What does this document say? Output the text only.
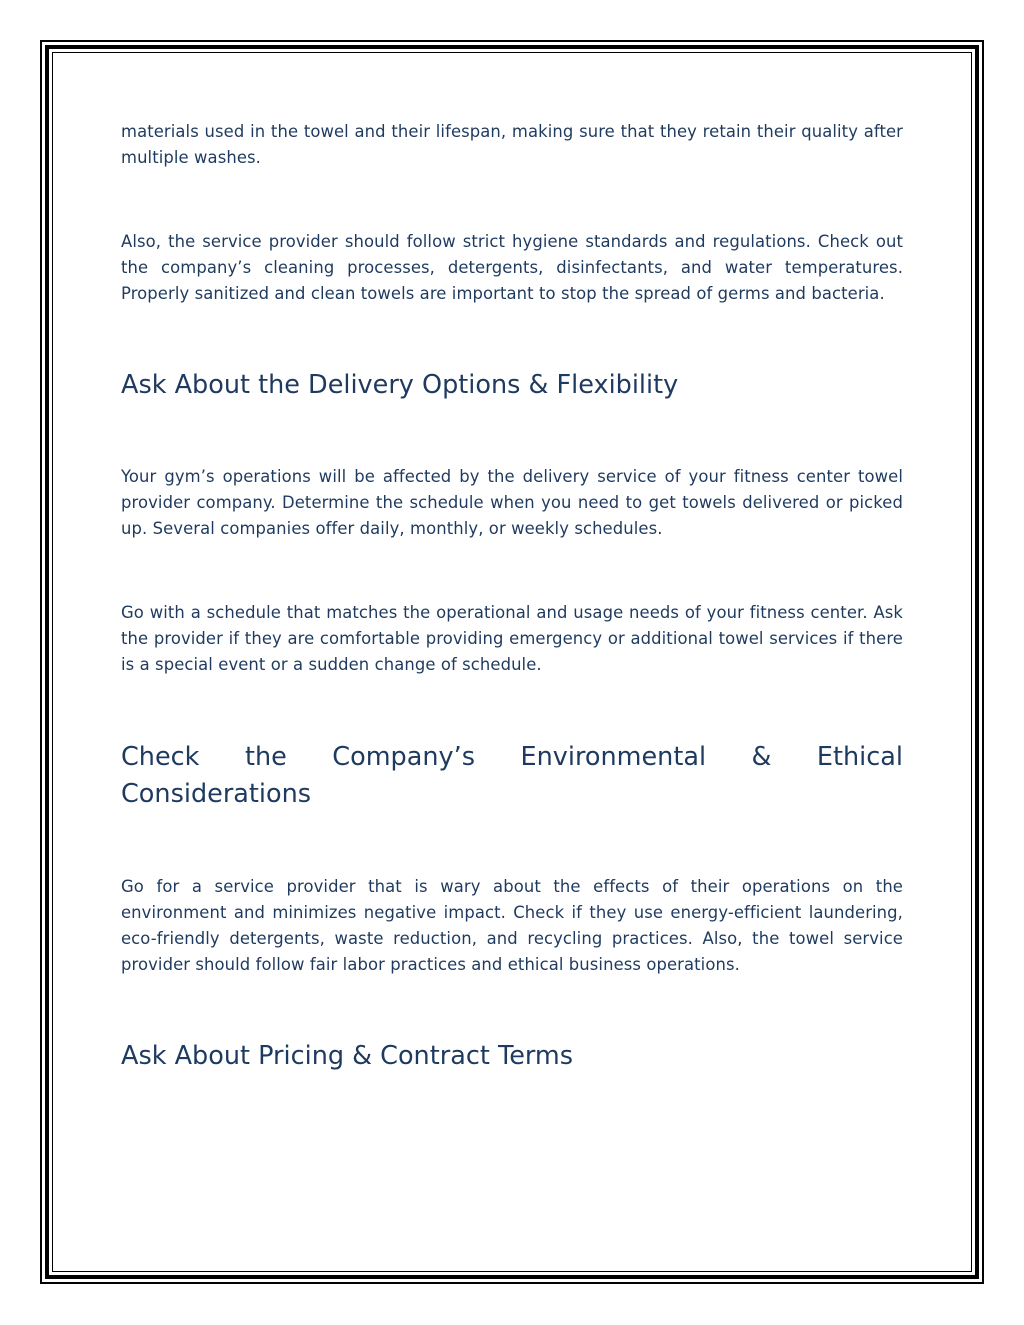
materials used in the towel and their lifespan, making sure that they retain their quality after multiple washes.

Also, the service provider should follow strict hygiene standards and regulations. Check out the company’s cleaning processes, detergents, disinfectants, and water temperatures. Properly sanitized and clean towels are important to stop the spread of germs and bacteria.

Ask About the Delivery Options & Flexibility

Your gym’s operations will be affected by the delivery service of your fitness center towel provider company. Determine the schedule when you need to get towels delivered or picked up. Several companies offer daily, monthly, or weekly schedules.

Go with a schedule that matches the operational and usage needs of your fitness center. Ask the provider if they are comfortable providing emergency or additional towel services if there is a special event or a sudden change of schedule.

Check the Company’s Environmental & Ethical Considerations

Go for a service provider that is wary about the effects of their operations on the environment and minimizes negative impact. Check if they use energy-efficient laundering, eco-friendly detergents, waste reduction, and recycling practices. Also, the towel service provider should follow fair labor practices and ethical business operations.

Ask About Pricing & Contract Terms
